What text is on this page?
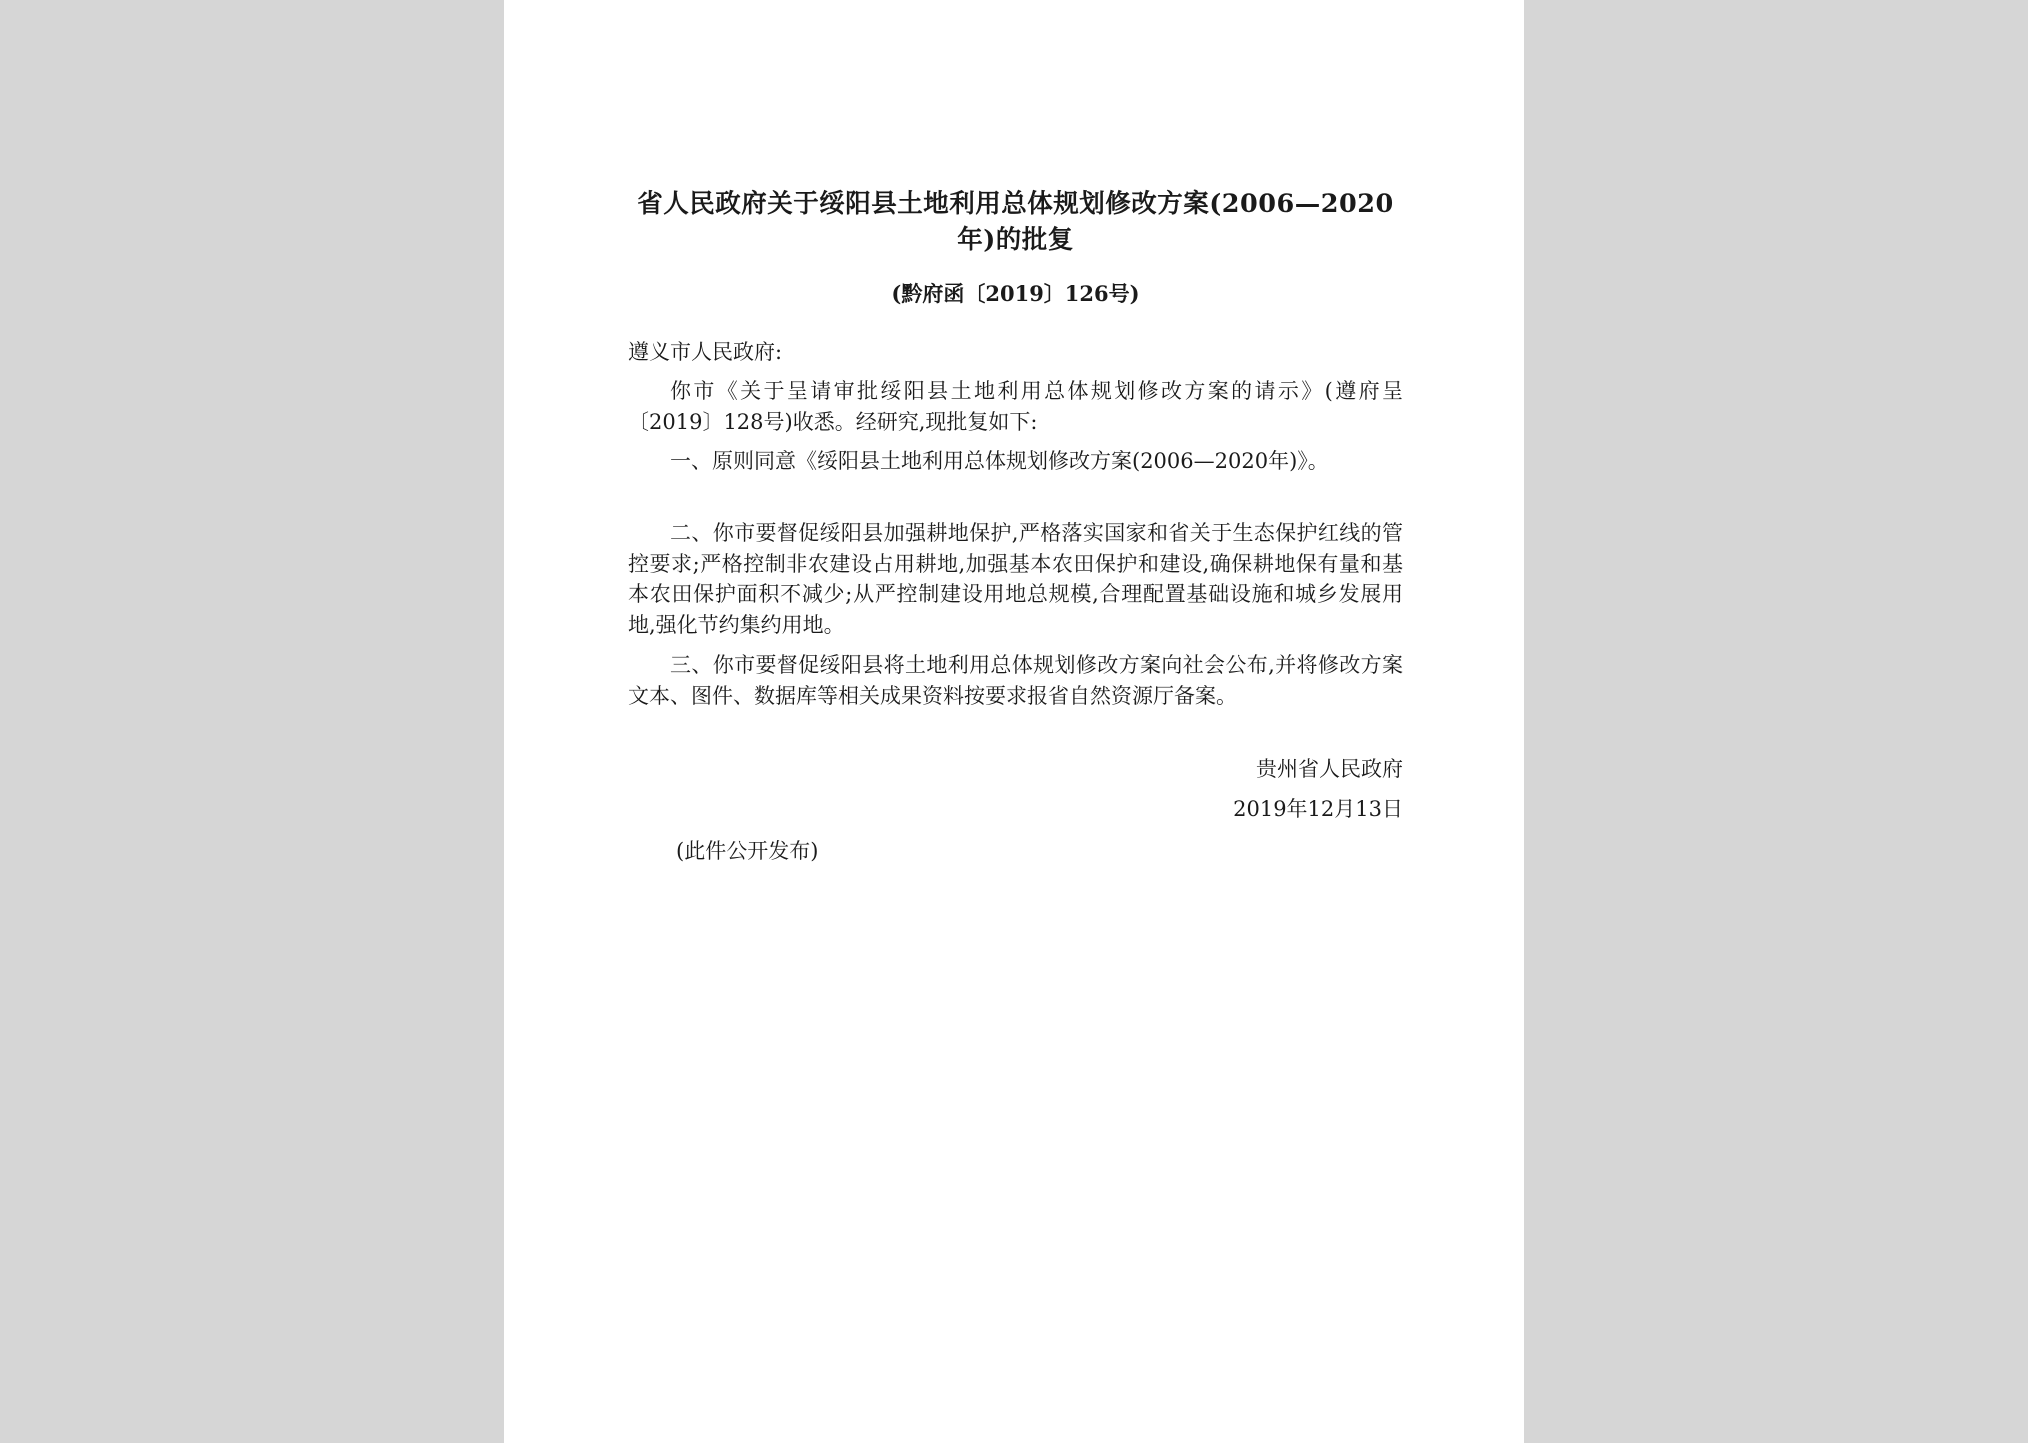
省人民政府关于绥阳县土地利用总体规划修改方案(2006—2020年)的批复
(黔府函〔2019〕126号)
遵义市人民政府:

你市《关于呈请审批绥阳县土地利用总体规划修改方案的请示》(遵府呈〔2019〕128号)收悉。经研究,现批复如下:

一、原则同意《绥阳县土地利用总体规划修改方案(2006—2020年)》。

二、你市要督促绥阳县加强耕地保护,严格落实国家和省关于生态保护红线的管控要求;严格控制非农建设占用耕地,加强基本农田保护和建设,确保耕地保有量和基本农田保护面积不减少;从严控制建设用地总规模,合理配置基础设施和城乡发展用地,强化节约集约用地。

三、你市要督促绥阳县将土地利用总体规划修改方案向社会公布,并将修改方案文本、图件、数据库等相关成果资料按要求报省自然资源厅备案。

贵州省人民政府
2019年12月13日
(此件公开发布)
